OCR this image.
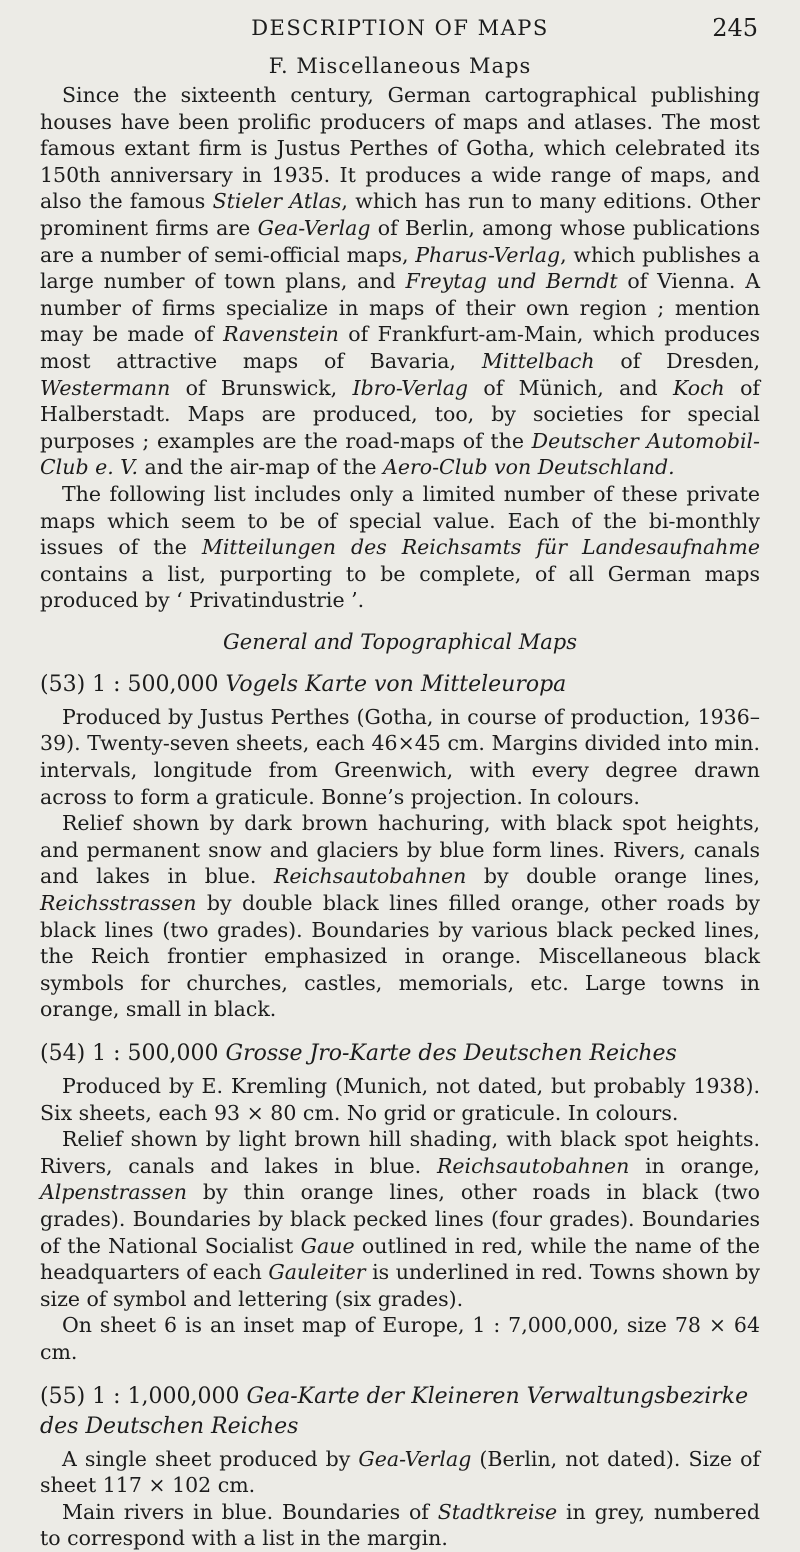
DESCRIPTION OF MAPS	245
F. Miscellaneous Maps

Since the sixteenth century, German cartographical publishing houses have been prolific producers of maps and atlases. The most famous extant firm is Justus Perthes of Gotha, which celebrated its 150th anniversary in 1935. It produces a wide range of maps, and also the famous Stieler Atlas, which has run to many editions. Other prominent firms are Gea-Verlag of Berlin, among whose publications are a number of semi-official maps, Pharus-Verlag, which publishes a large number of town plans, and Freytag und Berndt of Vienna. A number of firms specialize in maps of their own region ; mention may be made of Ravenstein of Frankfurt-am-Main, which produces most attractive maps of Bavaria, Mittelbach of Dresden, Westermann of Brunswick, Ibro-Verlag of Münich, and Koch of Halberstadt. Maps are produced, too, by societies for special purposes ; examples are the road-maps of the Deutscher Automobil-Club e. V. and the air-map of the Aero-Club von Deutschland.

The following list includes only a limited number of these private maps which seem to be of special value. Each of the bi-monthly issues of the Mitteilungen des Reichsamts für Landesaufnahme contains a list, purporting to be complete, of all German maps produced by ‘ Privatindustrie ’.

General and Topographical Maps
(53) 1 : 500,000 Vogels Karte von Mitteleuropa

Produced by Justus Perthes (Gotha, in course of production, 1936–39). Twenty-seven sheets, each 46×45 cm. Margins divided into min. intervals, longitude from Greenwich, with every degree drawn across to form a graticule. Bonne’s projection. In colours.

Relief shown by dark brown hachuring, with black spot heights, and permanent snow and glaciers by blue form lines. Rivers, canals and lakes in blue. Reichsautobahnen by double orange lines, Reichsstrassen by double black lines filled orange, other roads by black lines (two grades). Boundaries by various black pecked lines, the Reich frontier emphasized in orange. Miscellaneous black symbols for churches, castles, memorials, etc. Large towns in orange, small in black.

(54) 1 : 500,000 Grosse Jro-Karte des Deutschen Reiches

Produced by E. Kremling (Munich, not dated, but probably 1938). Six sheets, each 93 × 80 cm. No grid or graticule. In colours.

Relief shown by light brown hill shading, with black spot heights. Rivers, canals and lakes in blue. Reichsautobahnen in orange, Alpenstrassen by thin orange lines, other roads in black (two grades). Boundaries by black pecked lines (four grades). Boundaries of the National Socialist Gaue outlined in red, while the name of the headquarters of each Gauleiter is underlined in red. Towns shown by size of symbol and lettering (six grades).

On sheet 6 is an inset map of Europe, 1 : 7,000,000, size 78 × 64 cm.

(55) 1 : 1,000,000 Gea-Karte der Kleineren Verwaltungsbezirke des Deutschen Reiches

A single sheet produced by Gea-Verlag (Berlin, not dated). Size of sheet 117 × 102 cm.

Main rivers in blue. Boundaries of Stadtkreise in grey, numbered to correspond with a list in the margin.
